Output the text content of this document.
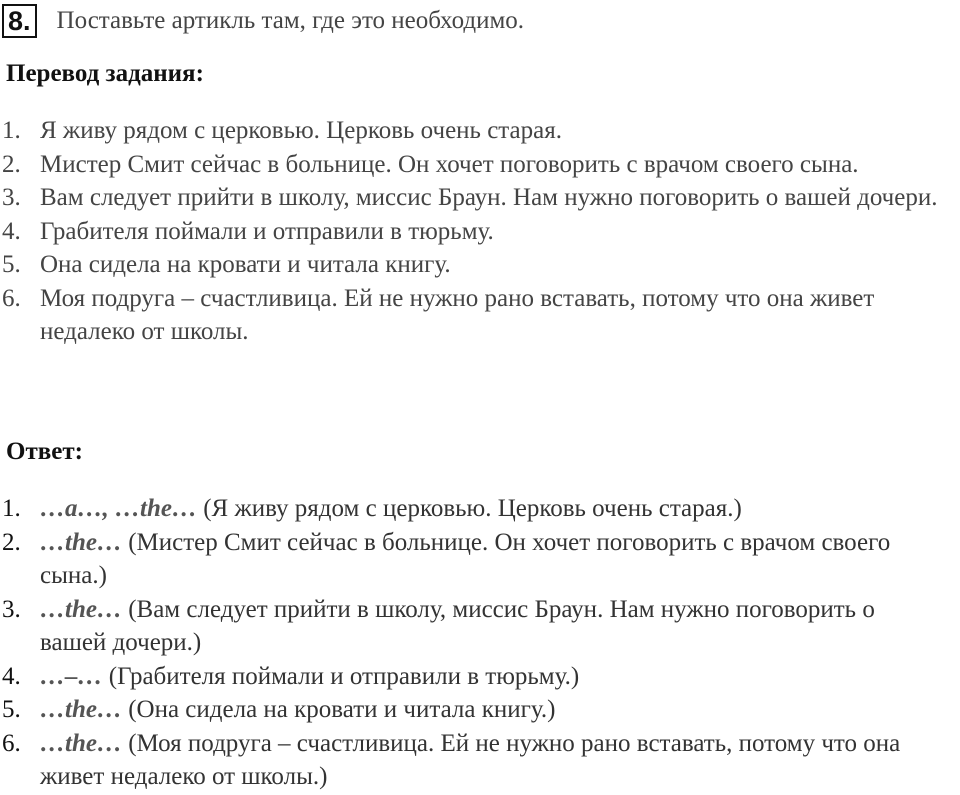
8. Поставьте артикль там, где это необходимо.
Перевод задания:
1. Я живу рядом с церковью. Церковь очень старая.
2. Мистер Смит сейчас в больнице. Он хочет поговорить с врачом своего сына.
3. Вам следует прийти в школу, миссис Браун. Нам нужно поговорить о вашей дочери.
4. Грабителя поймали и отправили в тюрьму.
5. Она сидела на кровати и читала книгу.
6. Моя подруга – счастливица. Ей не нужно рано вставать, потому что она живет недалеко от школы.
Ответ:
1. …a…, …the… (Я живу рядом с церковью. Церковь очень старая.)
2. …the… (Мистер Смит сейчас в больнице. Он хочет поговорить с врачом своего сына.)
3. …the… (Вам следует прийти в школу, миссис Браун. Нам нужно поговорить о вашей дочери.)
4. …–… (Грабителя поймали и отправили в тюрьму.)
5. …the… (Она сидела на кровати и читала книгу.)
6. …the… (Моя подруга – счастливица. Ей не нужно рано вставать, потому что она живет недалеко от школы.)
